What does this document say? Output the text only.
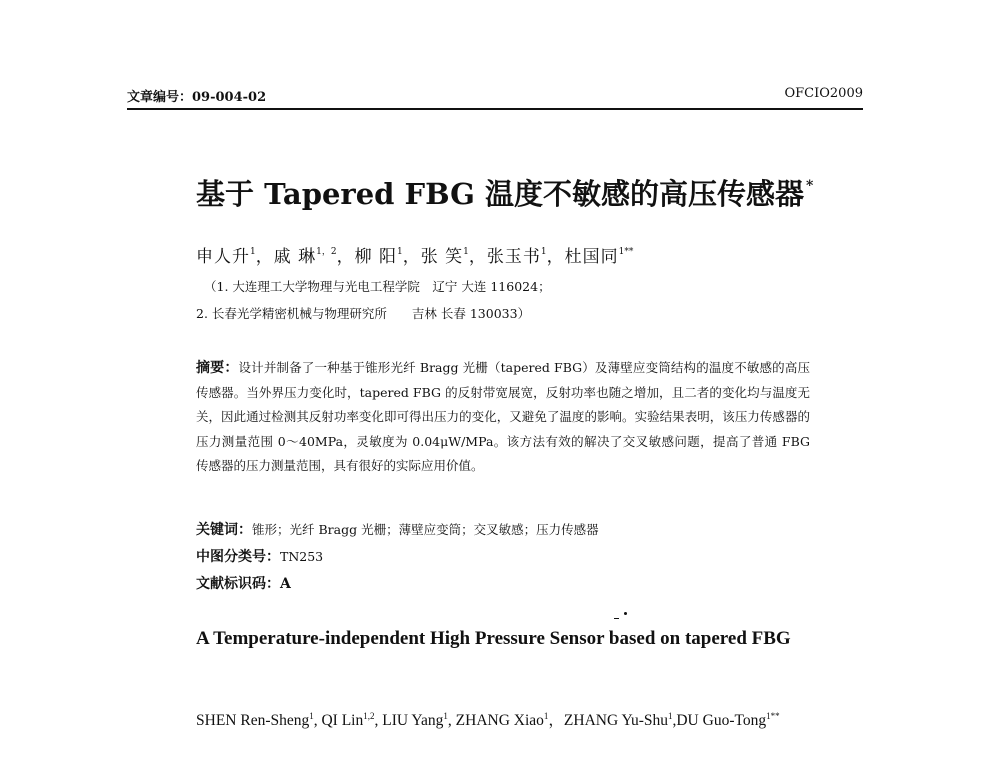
文章编号：09-004-02	OFCIO2009
基于 Tapered FBG 温度不敏感的高压传感器 *
申人升$^1$，戚 琳$^{1,2}$，柳 阳$^1$，张 笑$^1$，张玉书$^1$，杜国同$^{1**}$
（1. 大连理工大学物理与光电工程学院　辽宁 大连 116024；
2. 长春光学精密机械与物理研究所　　吉林 长春 130033）
摘要：设计并制备了一种基于锥形光纤 Bragg 光栅（tapered FBG）及薄壁应变筒结构的温度不敏感的高压传感器。当外界压力变化时，tapered FBG 的反射带宽展宽，反射功率也随之增加，且二者的变化均与温度无关，因此通过检测其反射功率变化即可得出压力的变化，又避免了温度的影响。实验结果表明，该压力传感器的压力测量范围 0～40MPa，灵敏度为 0.04μW/MPa。该方法有效的解决了交叉敏感问题，提高了普通 FBG 传感器的压力测量范围，具有很好的实际应用价值。
关键词：锥形；光纤 Bragg 光栅；薄壁应变筒；交叉敏感；压力传感器
中图分类号：TN253
文献标识码：A
A Temperature-independent High Pressure Sensor based on tapered FBG
SHEN Ren-Sheng$^1$, QI Lin$^{1,2}$, LIU Yang$^1$, ZHANG Xiao$^1$，ZHANG Yu-Shu$^1$,DU Guo-Tong$^{1**}$
